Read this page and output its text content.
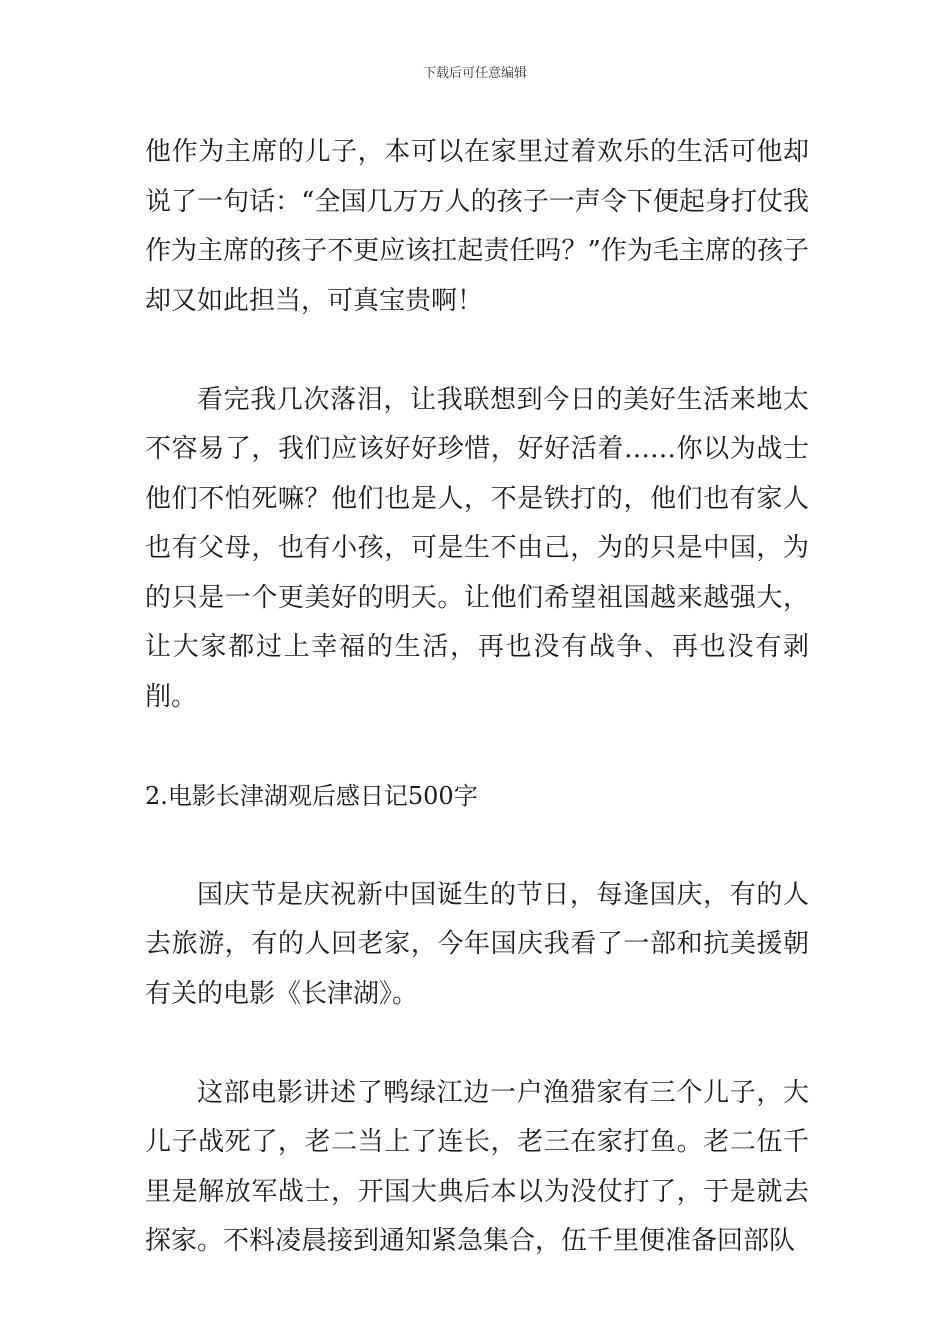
下载后可任意编辑

他作为主席的儿子，本可以在家里过着欢乐的生活可他却说了一句话：“全国几万万人的孩子一声令下便起身打仗我作为主席的孩子不更应该扛起责任吗？”作为毛主席的孩子却又如此担当，可真宝贵啊！

看完我几次落泪，让我联想到今日的美好生活来地太不容易了，我们应该好好珍惜，好好活着……你以为战士他们不怕死嘛？他们也是人，不是铁打的，他们也有家人也有父母，也有小孩，可是生不由己，为的只是中国，为的只是一个更美好的明天。让他们希望祖国越来越强大，让大家都过上幸福的生活，再也没有战争、再也没有剥削。

2.电影长津湖观后感日记500字

国庆节是庆祝新中国诞生的节日，每逢国庆，有的人去旅游，有的人回老家，今年国庆我看了一部和抗美援朝有关的电影《长津湖》。

这部电影讲述了鸭绿江边一户渔猎家有三个儿子，大儿子战死了，老二当上了连长，老三在家打鱼。老二伍千里是解放军战士，开国大典后本以为没仗打了，于是就去探家。不料凌晨接到通知紧急集合，伍千里便准备回部队
